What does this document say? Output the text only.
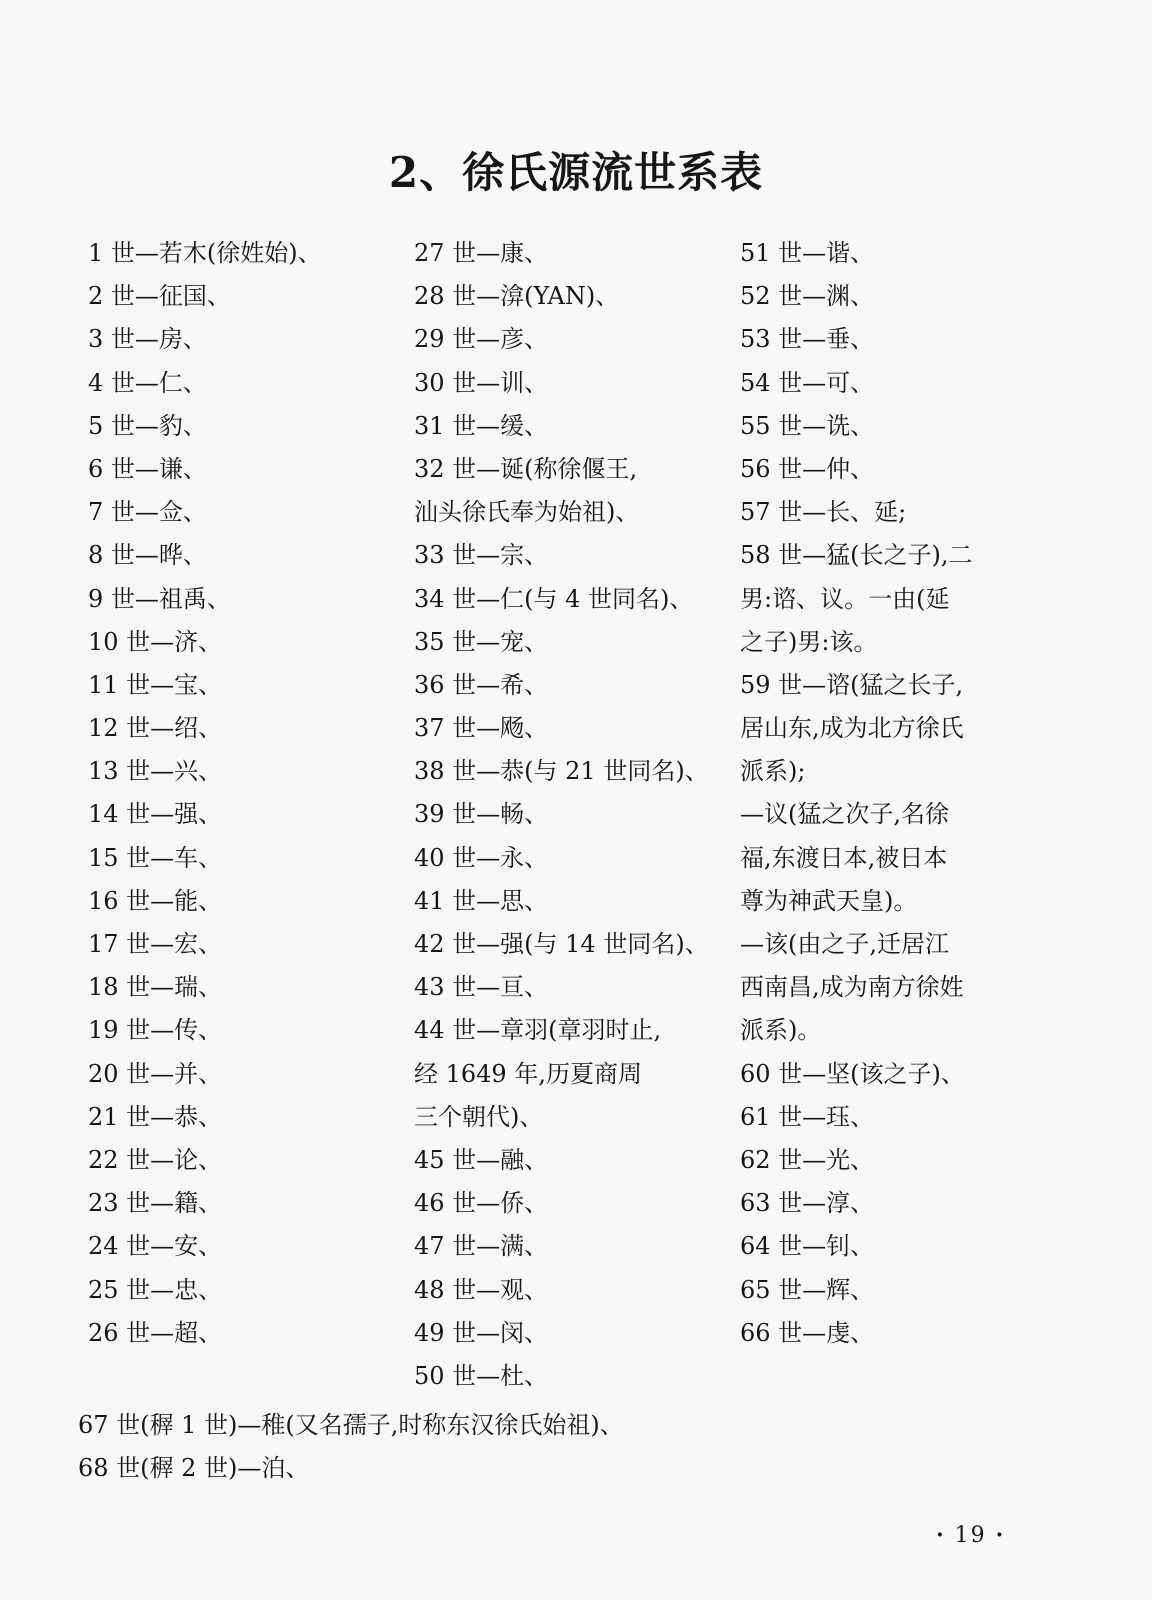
2、徐氏源流世系表
1 世—若木(徐姓始)、
2 世—征国、
3 世—房、
4 世—仁、
5 世—豹、
6 世—谦、
7 世—佥、
8 世—晔、
9 世—祖禹、
10 世—济、
11 世—宝、
12 世—绍、
13 世—兴、
14 世—强、
15 世—车、
16 世—能、
17 世—宏、
18 世—瑞、
19 世—传、
20 世—并、
21 世—恭、
22 世—论、
23 世—籍、
24 世—安、
25 世—忠、
26 世—超、
27 世—康、
28 世—渰(YAN)、
29 世—彦、
30 世—训、
31 世—缓、
32 世—诞(称徐偃王,
汕头徐氏奉为始祖)、
33 世—宗、
34 世—仁(与 4 世同名)、
35 世—宠、
36 世—希、
37 世—飏、
38 世—恭(与 21 世同名)、
39 世—畅、
40 世—永、
41 世—思、
42 世—强(与 14 世同名)、
43 世—亘、
44 世—章羽(章羽时止,
经 1649 年,历夏商周
三个朝代)、
45 世—融、
46 世—侨、
47 世—满、
48 世—观、
49 世—闵、
50 世—杜、
51 世—谐、
52 世—渊、
53 世—垂、
54 世—可、
55 世—诜、
56 世—仲、
57 世—长、延;
58 世—猛(长之子),二
男:谘、议。一由(延
之子)男:该。
59 世—谘(猛之长子,
居山东,成为北方徐氏
派系);
—议(猛之次子,名徐
福,东渡日本,被日本
尊为神武天皇)。
—该(由之子,迁居江
西南昌,成为南方徐姓
派系)。
60 世—坚(该之子)、
61 世—珏、
62 世—光、
63 世—淳、
64 世—钊、
65 世—辉、
66 世—虔、
67 世(稺 1 世)—稚(又名孺子,时称东汉徐氏始祖)、
68 世(稺 2 世)—泊、
· 19 ·
